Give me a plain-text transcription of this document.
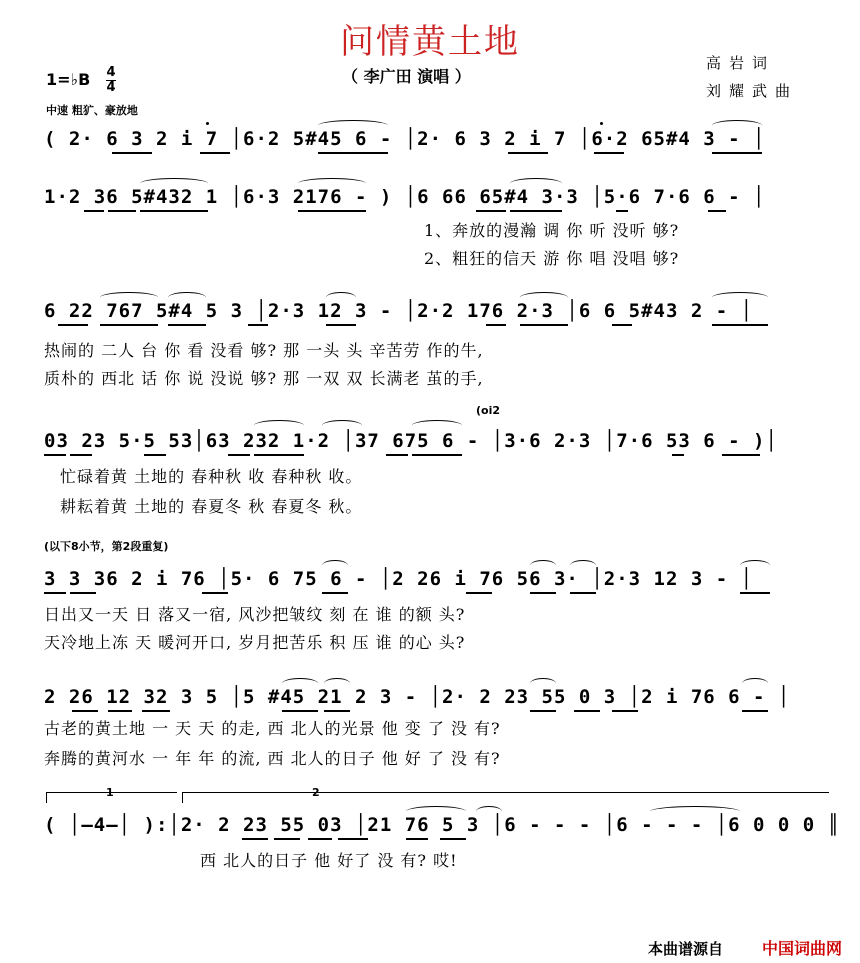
问情黄土地
（ 李广田 演唱 ）
高岩词
刘耀武曲
1=♭B 4
4
中速 粗犷、豪放地
( 2· 6 3 2 i 7 │6·2 5#45 6 - │2· 6 3 2 i 7 │6·2 65#4 3 - │
1·2 36 5#432 1 │6·3 2176 - ) │6 66 65#4 3·3 │5·6 7·6 6 - │
1、奔放的漫瀚 调 你 听 没听 够?
2、粗狂的信天 游 你 唱 没唱 够?
6 22 767 5#4 5 3 │2·3 12 3 - │2·2 176 2·3 │6 6 5#43 2 - │
热闹的 二人 台 你 看 没看 够? 那 一头 头 辛苦劳 作的牛,
质朴的 西北 话 你 说 没说 够? 那 一双 双 长满老 茧的手,
(oi2
03 23 5·5 53│63 232 1·2 │37 675 6 - │3·6 2·3 │7·6 53 6 - )│
忙碌着黄 土地的 春种秋 收 春种秋 收。
耕耘着黄 土地的 春夏冬 秋 春夏冬 秋。
(以下8小节，第2段重复)
3 3 36 2 i 76 │5· 6 75 6 - │2 26 i 76 56 3· │2·3 12 3 - │
日出又一天 日 落又一宿, 风沙把皱纹 刻 在 谁 的额 头?
天冷地上冻 天 暖河开口, 岁月把苦乐 积 压 谁 的心 头?
2 26 12 32 3 5 │5 #45 21 2 3 - │2· 2 23 55 0 3 │2 i 76 6 - │
古老的黄土地 一 天 天 的走, 西 北人的光景 他 变 了 没 有?
奔腾的黄河水 一 年 年 的流, 西 北人的日子 他 好 了 没 有?
1	2
( │—4—│ ):│2· 2 23 55 03 │21 76 5 3 │6 - - - │6 - - - │6 0 0 0 ║
西 北人的日子 他 好了 没 有? 哎!
本曲谱源自 中国词曲网
